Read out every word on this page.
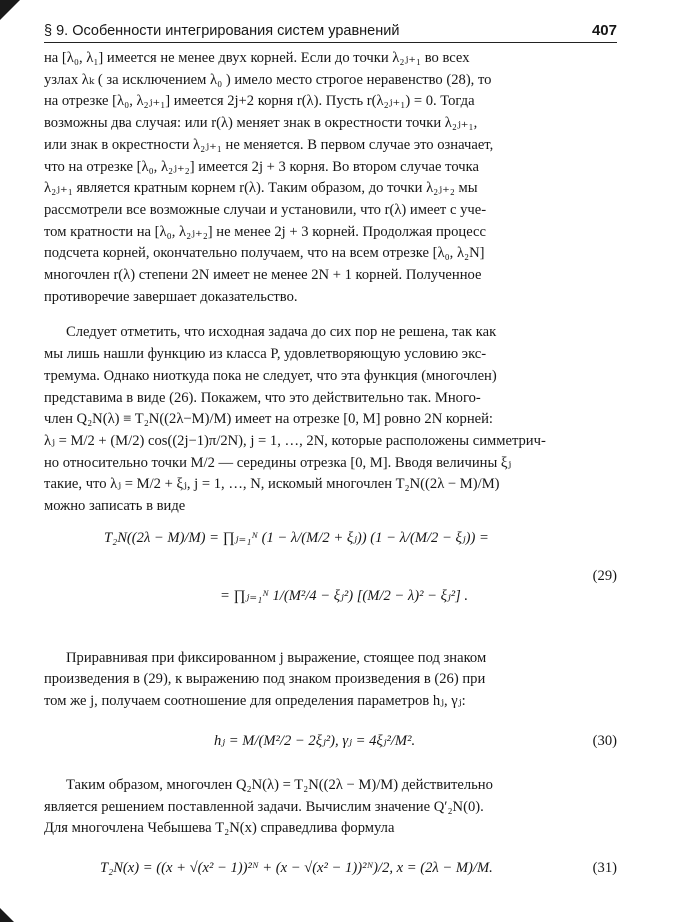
§ 9. Особенности интегрирования систем уравнений	407

на [λ₀, λ₁] имеется не менее двух корней. Если до точки λ₂ⱼ₊₁ во всех

узлах λₖ ( за исключением λ₀ ) имело место строгое неравенство (28), то

на отрезке [λ₀, λ₂ⱼ₊₁] имеется 2j+2 корня r(λ). Пусть r(λ₂ⱼ₊₁) = 0. Тогда

возможны два случая: или r(λ) меняет знак в окрестности точки λ₂ⱼ₊₁,

или знак в окрестности λ₂ⱼ₊₁ не меняется. В первом случае это означает,

что на отрезке [λ₀, λ₂ⱼ₊₂] имеется 2j + 3 корня. Во втором случае точка

λ₂ⱼ₊₁ является кратным корнем r(λ). Таким образом, до точки λ₂ⱼ₊₂ мы

рассмотрели все возможные случаи и установили, что r(λ) имеет с уче-

том кратности на [λ₀, λ₂ⱼ₊₂] не менее 2j + 3 корней. Продолжая процесс

подсчета корней, окончательно получаем, что на всем отрезке [λ₀, λ₂N]

многочлен r(λ) степени 2N имеет не менее 2N + 1 корней. Полученное

противоречие завершает доказательство.

Следует отметить, что исходная задача до сих пор не решена, так как

мы лишь нашли функцию из класса P, удовлетворяющую условию экс-

тремума. Однако ниоткуда пока не следует, что эта функция (многочлен)

представима в виде (26). Покажем, что это действительно так. Много-

член Q₂N(λ) ≡ T₂N((2λ−M)/M) имеет на отрезке [0, M] ровно 2N корней:

λⱼ = M/2 + (M/2) cos((2j−1)π/2N), j = 1, …, 2N, которые расположены симметрич-

но относительно точки M/2 — середины отрезка [0, M]. Вводя величины ξⱼ

такие, что λⱼ = M/2 + ξⱼ, j = 1, …, N, искомый многочлен T₂N((2λ − M)/M)

можно записать в виде

T₂N((2λ − M)/M) = ∏ⱼ₌₁ᴺ (1 − λ/(M/2 + ξⱼ)) (1 − λ/(M/2 − ξⱼ)) =
= ∏ⱼ₌₁ᴺ 1/(M²/4 − ξⱼ²) [(M/2 − λ)² − ξⱼ²] .
(29)

Приравнивая при фиксированном j выражение, стоящее под знаком

произведения в (29), к выражению под знаком произведения в (26) при

том же j, получаем соотношение для определения параметров hⱼ, γⱼ:

hⱼ = M/(M²/2 − 2ξⱼ²), γⱼ = 4ξⱼ²/M².	(30)

Таким образом, многочлен Q₂N(λ) = T₂N((2λ − M)/M) действительно

является решением поставленной задачи. Вычислим значение Q′₂N(0).

Для многочлена Чебышева T₂N(x) справедлива формула

T₂N(x) = ((x + √(x² − 1))²ᴺ + (x − √(x² − 1))²ᴺ)/2, x = (2λ − M)/M.	(31)
